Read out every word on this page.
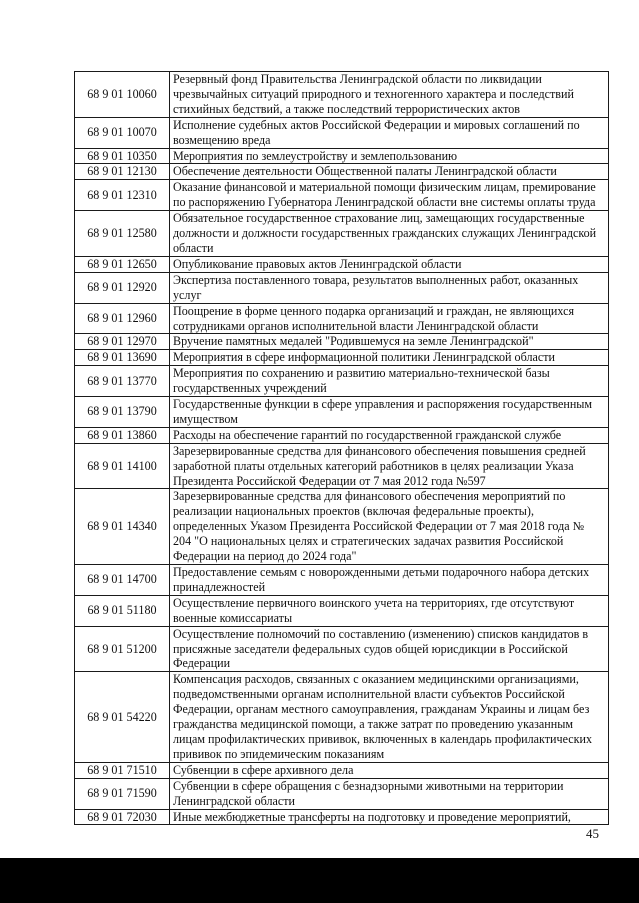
68 9 01 10060	Резервный фонд Правительства Ленинградской области по ликвидации чрезвычайных ситуаций природного и техногенного характера и последствий стихийных бедствий, а также последствий террористических актов
68 9 01 10070	Исполнение судебных актов Российской Федерации и мировых соглашений по возмещению вреда
68 9 01 10350	Мероприятия по землеустройству и землепользованию
68 9 01 12130	Обеспечение деятельности Общественной палаты Ленинградской области
68 9 01 12310	Оказание финансовой и материальной помощи физическим лицам, премирование по распоряжению Губернатора Ленинградской области вне системы оплаты труда
68 9 01 12580	Обязательное государственное страхование лиц, замещающих государственные должности и должности государственных гражданских служащих Ленинградской области
68 9 01 12650	Опубликование правовых актов Ленинградской области
68 9 01 12920	Экспертиза поставленного товара, результатов выполненных работ, оказанных услуг
68 9 01 12960	Поощрение в форме ценного подарка организаций и граждан, не являющихся сотрудниками органов исполнительной власти Ленинградской области
68 9 01 12970	Вручение памятных медалей "Родившемуся на земле Ленинградской"
68 9 01 13690	Мероприятия в сфере информационной политики Ленинградской области
68 9 01 13770	Мероприятия по сохранению и развитию материально-технической базы государственных учреждений
68 9 01 13790	Государственные функции в сфере управления и распоряжения государственным имуществом
68 9 01 13860	Расходы на обеспечение гарантий по государственной гражданской службе
68 9 01 14100	Зарезервированные средства для финансового обеспечения повышения средней заработной платы отдельных категорий работников в целях реализации Указа Президента Российской Федерации от 7 мая 2012 года №597
68 9 01 14340	Зарезервированные средства для финансового обеспечения мероприятий по реализации национальных проектов (включая федеральные проекты), определенных Указом Президента Российской Федерации от 7 мая 2018 года № 204 "О национальных целях и стратегических задачах развития Российской Федерации на период до 2024 года"
68 9 01 14700	Предоставление семьям с новорожденными детьми подарочного набора детских принадлежностей
68 9 01 51180	Осуществление первичного воинского учета на территориях, где отсутствуют военные комиссариаты
68 9 01 51200	Осуществление полномочий по составлению (изменению) списков кандидатов в присяжные заседатели федеральных судов общей юрисдикции в Российской Федерации
68 9 01 54220	Компенсация расходов, связанных с оказанием медицинскими организациями, подведомственными органам исполнительной власти субъектов Российской Федерации, органам местного самоуправления, гражданам Украины и лицам без гражданства медицинской помощи, а также затрат по проведению указанным лицам профилактических прививок, включенных в календарь профилактических прививок по эпидемическим показаниям
68 9 01 71510	Субвенции в сфере архивного дела
68 9 01 71590	Субвенции в сфере обращения с безнадзорными животными на территории Ленинградской области
68 9 01 72030	Иные межбюджетные трансферты на подготовку и проведение мероприятий,
45
